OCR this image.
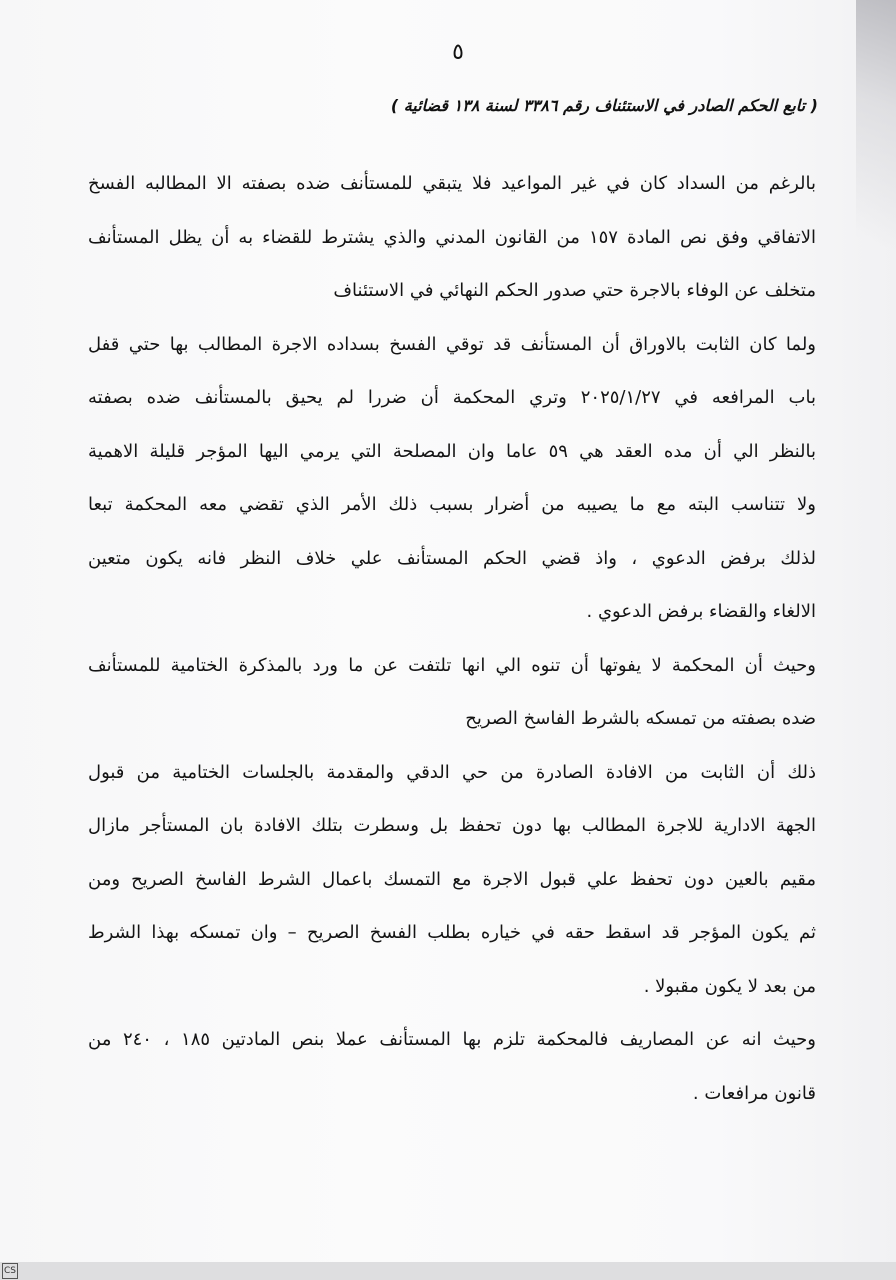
٥
( تابع الحكم الصادر في الاستئناف رقم ٣٣٨٦ لسنة ١٣٨ قضائية )
بالرغم من السداد كان في غير المواعيد فلا يتبقي للمستأنف ضده بصفته الا المطالبه الفسخ
الاتفاقي وفق نص المادة ١٥٧ من القانون المدني والذي يشترط للقضاء به أن يظل المستأنف
متخلف عن الوفاء بالاجرة حتي صدور الحكم النهائي في الاستئناف
ولما كان الثابت بالاوراق أن المستأنف قد توقي الفسخ بسداده الاجرة المطالب بها حتي قفل
باب المرافعه في ٢٠٢٥/١/٢٧ وتري المحكمة أن ضررا لم يحيق بالمستأنف ضده بصفته
بالنظر الي أن مده العقد هي ٥٩ عاما وان المصلحة التي يرمي اليها المؤجر قليلة الاهمية
ولا تتناسب البته مع ما يصيبه من أضرار بسبب ذلك الأمر الذي تقضي معه المحكمة تبعا
لذلك برفض الدعوي ، واذ قضي الحكم المستأنف علي خلاف النظر فانه يكون متعين
الالغاء والقضاء برفض الدعوي .
وحيث أن المحكمة لا يفوتها أن تنوه الي انها تلتفت عن ما ورد بالمذكرة الختامية للمستأنف
ضده بصفته من تمسكه بالشرط الفاسخ الصريح
ذلك أن الثابت من الافادة الصادرة من حي الدقي والمقدمة بالجلسات الختامية من قبول
الجهة الادارية للاجرة المطالب بها دون تحفظ بل وسطرت بتلك الافادة بان المستأجر مازال
مقيم بالعين دون تحفظ علي قبول الاجرة مع التمسك باعمال الشرط الفاسخ الصريح ومن
ثم يكون المؤجر قد اسقط حقه في خياره بطلب الفسخ الصريح – وان تمسكه بهذا الشرط
من بعد لا يكون مقبولا .
وحيث انه عن المصاريف فالمحكمة تلزم بها المستأنف عملا بنص المادتين ١٨٥ ، ٢٤٠ من
قانون مرافعات .
CS
